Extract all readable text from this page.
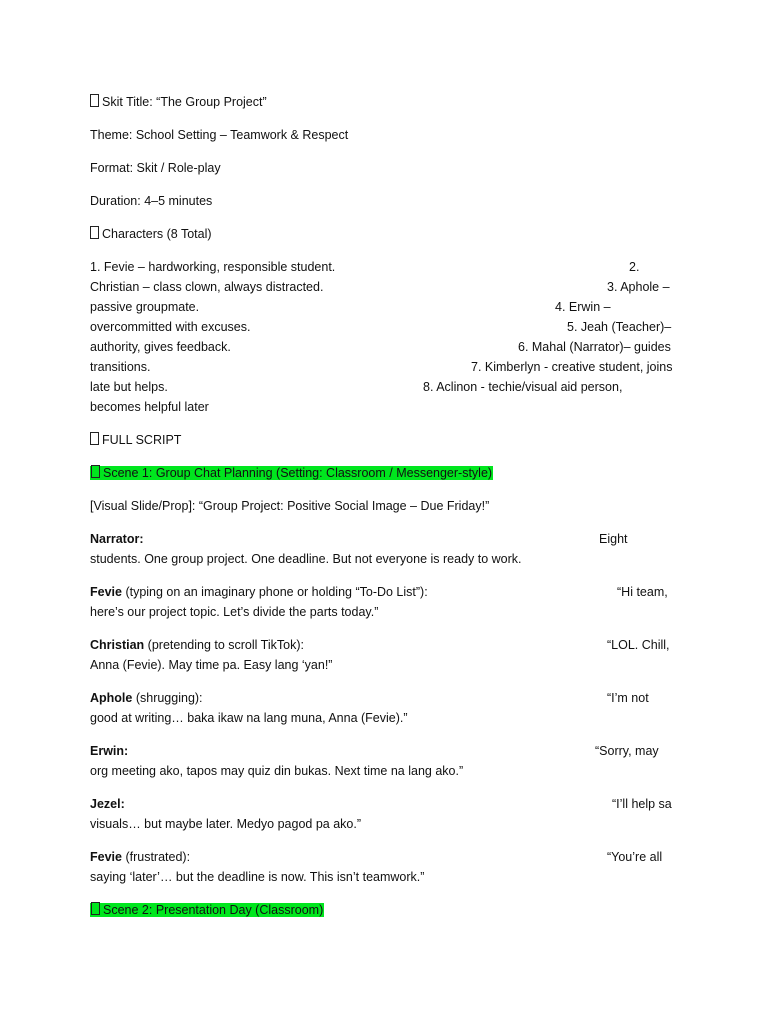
Skit Title: “The Group Project”
Theme: School Setting – Teamwork & Respect
Format: Skit / Role-play
Duration: 4–5 minutes
Characters (8 Total)
1. Fevie – hardworking, responsible student.	2.
Christian – class clown, always distracted.	3. Aphole –
passive groupmate.	4. Erwin –
overcommitted with excuses.	5. Jeah (Teacher)–
authority, gives feedback.	6. Mahal (Narrator)– guides
transitions.	7. Kimberlyn - creative student, joins
late but helps.	8. Aclinon - techie/visual aid person,
becomes helpful later
FULL SCRIPT
Scene 1: Group Chat Planning (Setting: Classroom / Messenger-style)
[Visual Slide/Prop]: “Group Project: Positive Social Image – Due Friday!”
Narrator:	Eight
students. One group project. One deadline. But not everyone is ready to work.
Fevie (typing on an imaginary phone or holding “To-Do List”):	“Hi team,
here’s our project topic. Let’s divide the parts today.”
Christian (pretending to scroll TikTok):	“LOL. Chill,
Anna (Fevie). May time pa. Easy lang ‘yan!”
Aphole (shrugging):	“I’m not
good at writing… baka ikaw na lang muna, Anna (Fevie).”
Erwin:	“Sorry, may
org meeting ako, tapos may quiz din bukas. Next time na lang ako.”
Jezel:	“I’ll help sa
visuals… but maybe later. Medyo pagod pa ako.”
Fevie (frustrated):	“You’re all
saying ‘later’… but the deadline is now. This isn’t teamwork.”
Scene 2: Presentation Day (Classroom)
